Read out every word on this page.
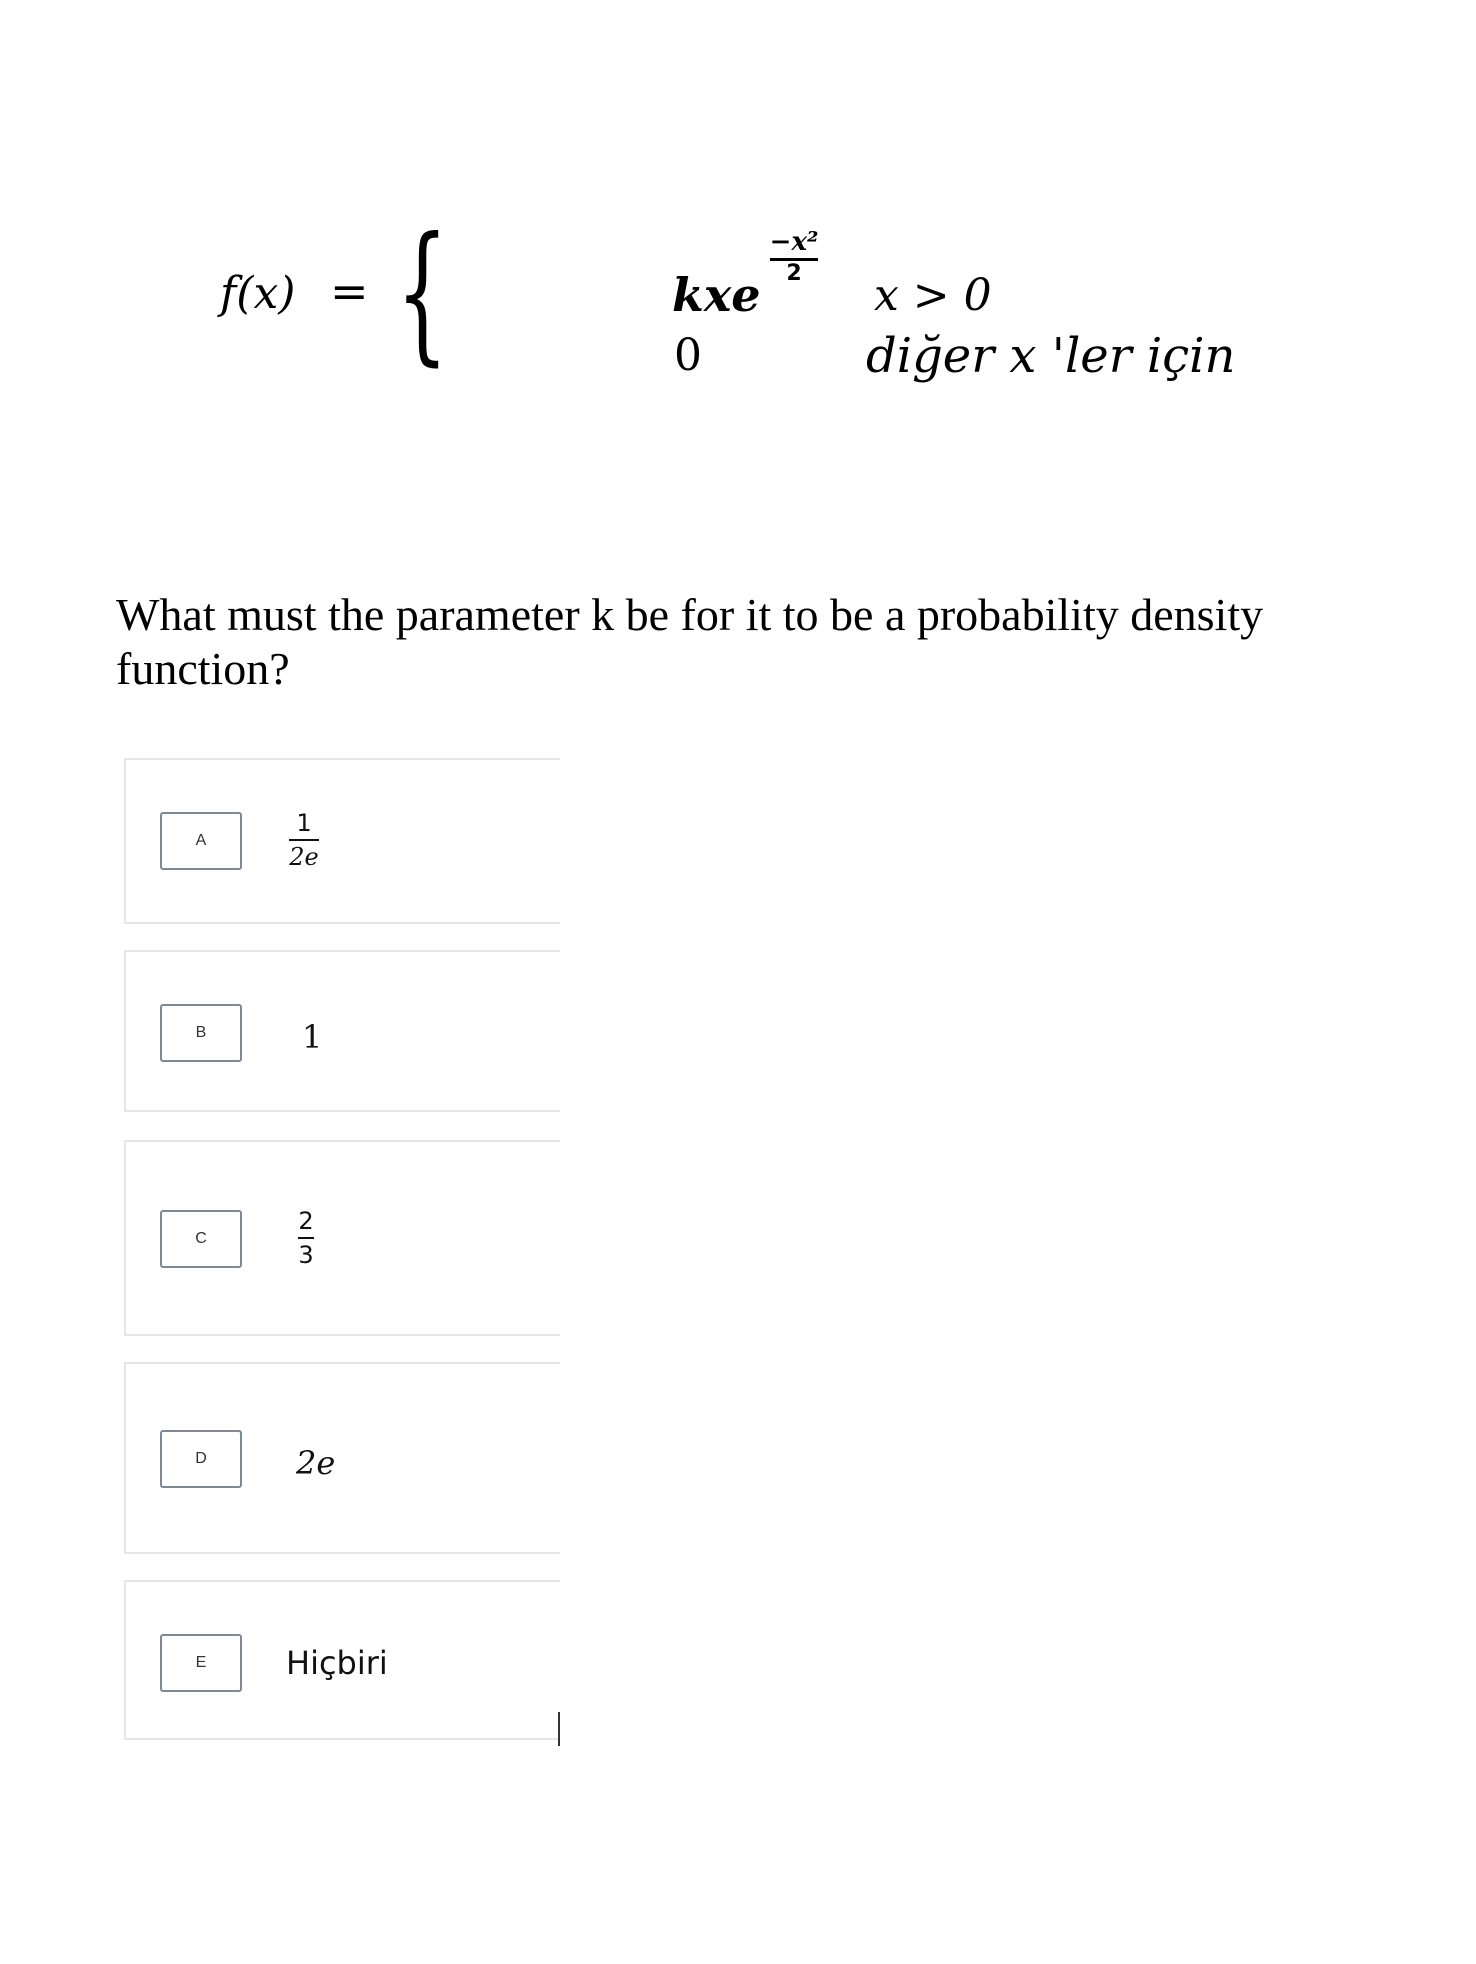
f(x) = {	kxe
−x²
2	x > 0
0	diğer x 'ler için

What must the parameter k be for it to be a probability density function?

A
1
2e
B	1
C
2
3
D	2e
E	Hiçbiri
